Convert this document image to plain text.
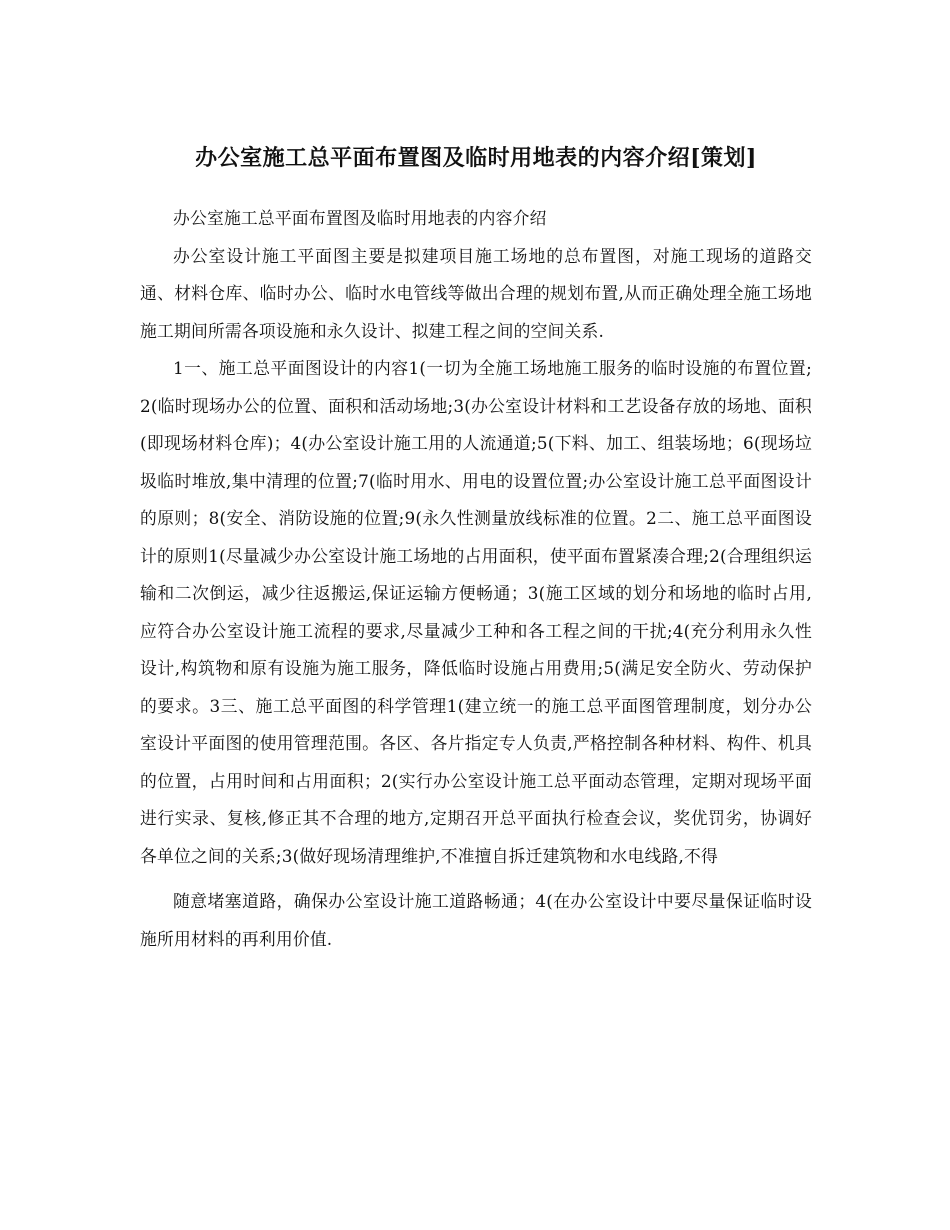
办公室施工总平面布置图及临时用地表的内容介绍[策划]

办公室施工总平面布置图及临时用地表的内容介绍

办公室设计施工平面图主要是拟建项目施工场地的总布置图，对施工现场的道路交通、材料仓库、临时办公、临时水电管线等做出合理的规划布置,从而正确处理全施工场地施工期间所需各项设施和永久设计、拟建工程之间的空间关系.

1一、施工总平面图设计的内容1(一切为全施工场地施工服务的临时设施的布置位置;2(临时现场办公的位置、面积和活动场地;3(办公室设计材料和工艺设备存放的场地、面积(即现场材料仓库)；4(办公室设计施工用的人流通道;5(下料、加工、组装场地；6(现场垃圾临时堆放,集中清理的位置;7(临时用水、用电的设置位置;办公室设计施工总平面图设计的原则；8(安全、消防设施的位置;9(永久性测量放线标准的位置。2二、施工总平面图设计的原则1(尽量减少办公室设计施工场地的占用面积，使平面布置紧凑合理;2(合理组织运输和二次倒运，减少往返搬运,保证运输方便畅通；3(施工区域的划分和场地的临时占用,应符合办公室设计施工流程的要求,尽量减少工种和各工程之间的干扰;4(充分利用永久性设计,构筑物和原有设施为施工服务，降低临时设施占用费用;5(满足安全防火、劳动保护的要求。3三、施工总平面图的科学管理1(建立统一的施工总平面图管理制度，划分办公室设计平面图的使用管理范围。各区、各片指定专人负责,严格控制各种材料、构件、机具的位置，占用时间和占用面积；2(实行办公室设计施工总平面动态管理，定期对现场平面进行实录、复核,修正其不合理的地方,定期召开总平面执行检查会议，奖优罚劣，协调好各单位之间的关系;3(做好现场清理维护,不准擅自拆迁建筑物和水电线路,不得

随意堵塞道路，确保办公室设计施工道路畅通；4(在办公室设计中要尽量保证临时设施所用材料的再利用价值.
